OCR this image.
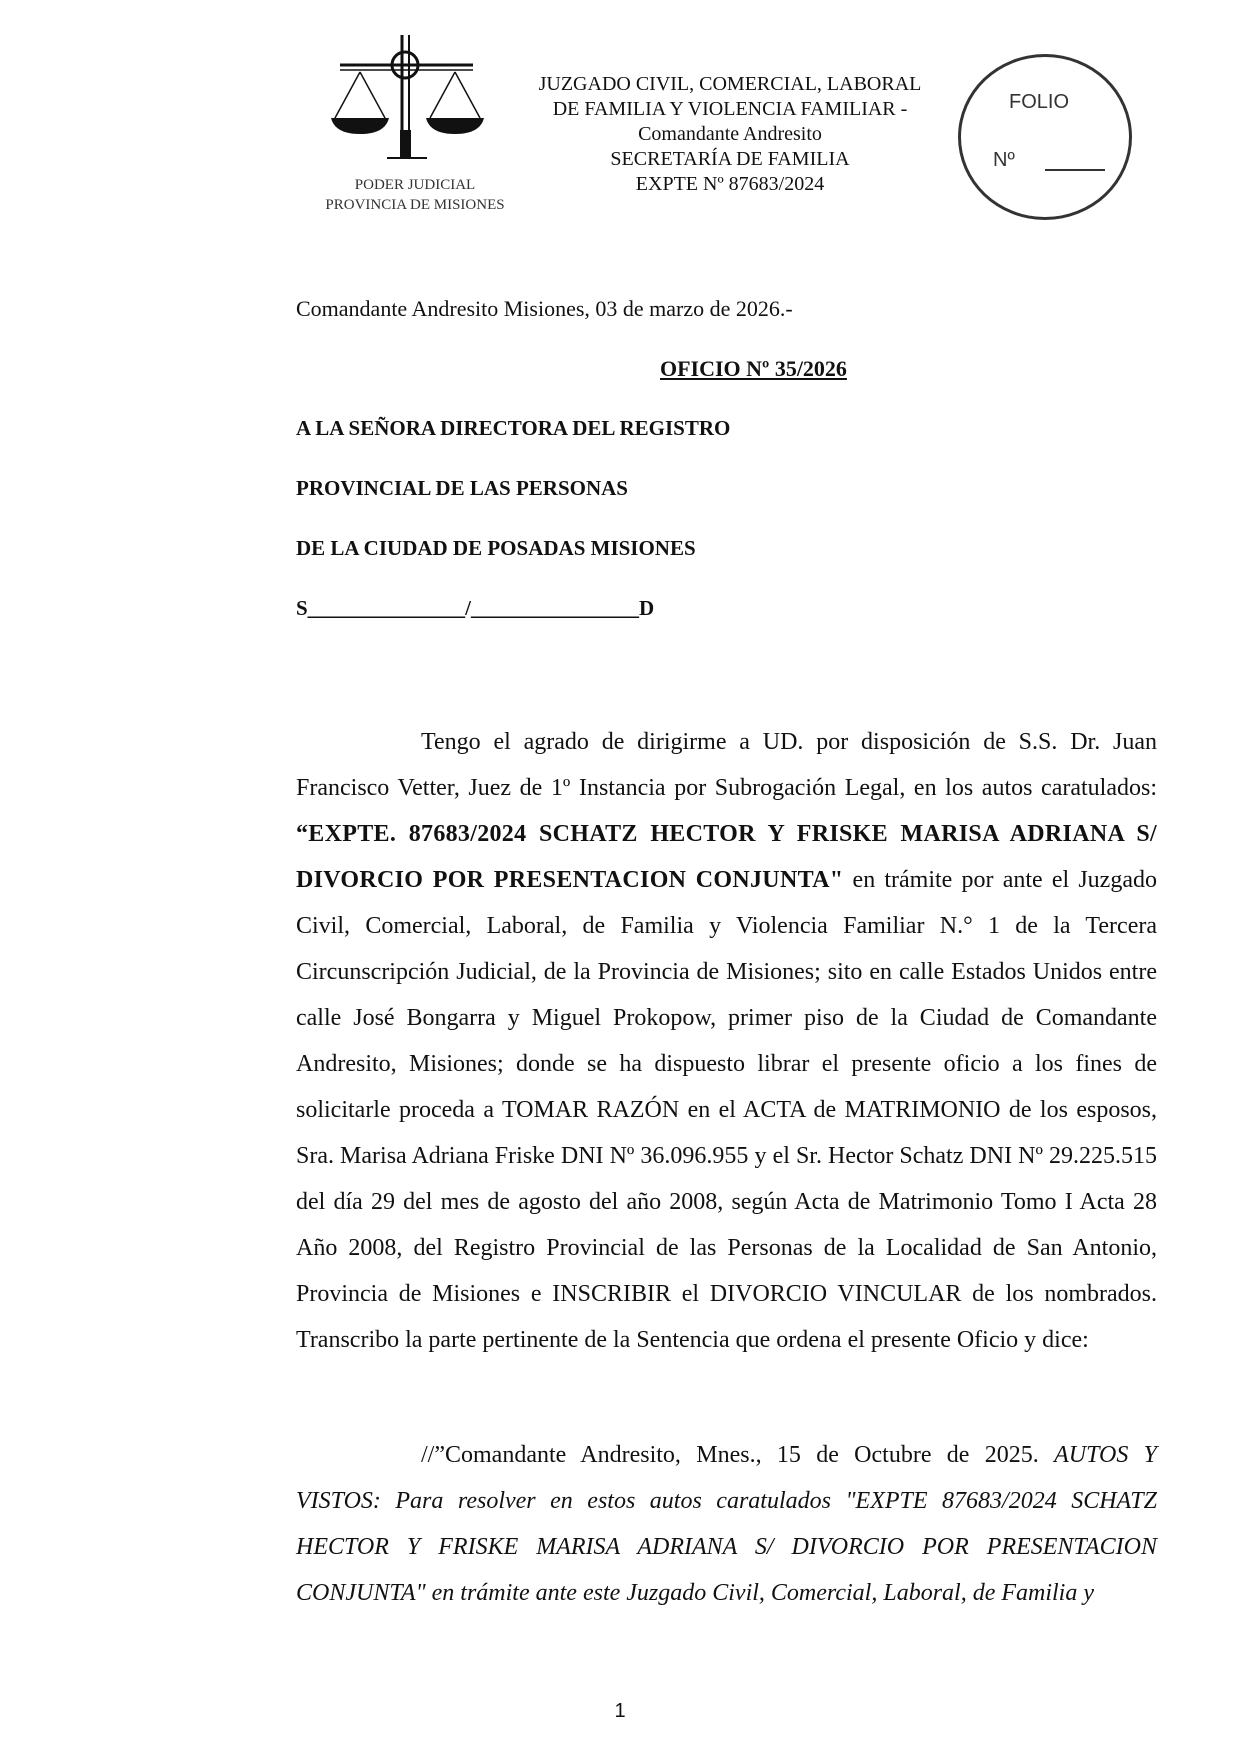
PODER JUDICIAL
PROVINCIA DE MISIONES
JUZGADO CIVIL, COMERCIAL, LABORAL
DE FAMILIA Y VIOLENCIA FAMILIAR -
Comandante Andresito
SECRETARÍA DE FAMILIA
EXPTE Nº 87683/2024
FOLIO
Nº
Comandante Andresito Misiones, 03 de marzo de 2026.-
OFICIO Nº 35/2026
A LA SEÑORA DIRECTORA DEL REGISTRO
PROVINCIAL DE LAS PERSONAS
DE LA CIUDAD DE POSADAS MISIONES
S_______________/________________D
Tengo el agrado de dirigirme a UD. por disposición de S.S. Dr. Juan Francisco Vetter, Juez de 1º Instancia por Subrogación Legal, en los autos caratulados: “EXPTE. 87683/2024 SCHATZ HECTOR Y FRISKE MARISA ADRIANA S/ DIVORCIO POR PRESENTACION CONJUNTA" en trámite por ante el Juzgado Civil, Comercial, Laboral, de Familia y Violencia Familiar N.° 1 de la Tercera Circunscripción Judicial, de la Provincia de Misiones; sito en calle Estados Unidos entre calle José Bongarra y Miguel Prokopow, primer piso de la Ciudad de Comandante Andresito, Misiones; donde se ha dispuesto librar el presente oficio a los fines de solicitarle proceda a TOMAR RAZÓN en el ACTA de MATRIMONIO de los esposos, Sra. Marisa Adriana Friske DNI Nº 36.096.955 y el Sr. Hector Schatz DNI Nº 29.225.515 del día 29 del mes de agosto del año 2008, según Acta de Matrimonio Tomo I Acta 28 Año 2008, del Registro Provincial de las Personas de la Localidad de San Antonio, Provincia de Misiones e INSCRIBIR el DIVORCIO VINCULAR de los nombrados. Transcribo la parte pertinente de la Sentencia que ordena el presente Oficio y dice:
//”Comandante Andresito, Mnes., 15 de Octubre de 2025. AUTOS Y VISTOS: Para resolver en estos autos caratulados "EXPTE 87683/2024 SCHATZ HECTOR Y FRISKE MARISA ADRIANA S/ DIVORCIO POR PRESENTACION CONJUNTA" en trámite ante este Juzgado Civil, Comercial, Laboral, de Familia y
1
